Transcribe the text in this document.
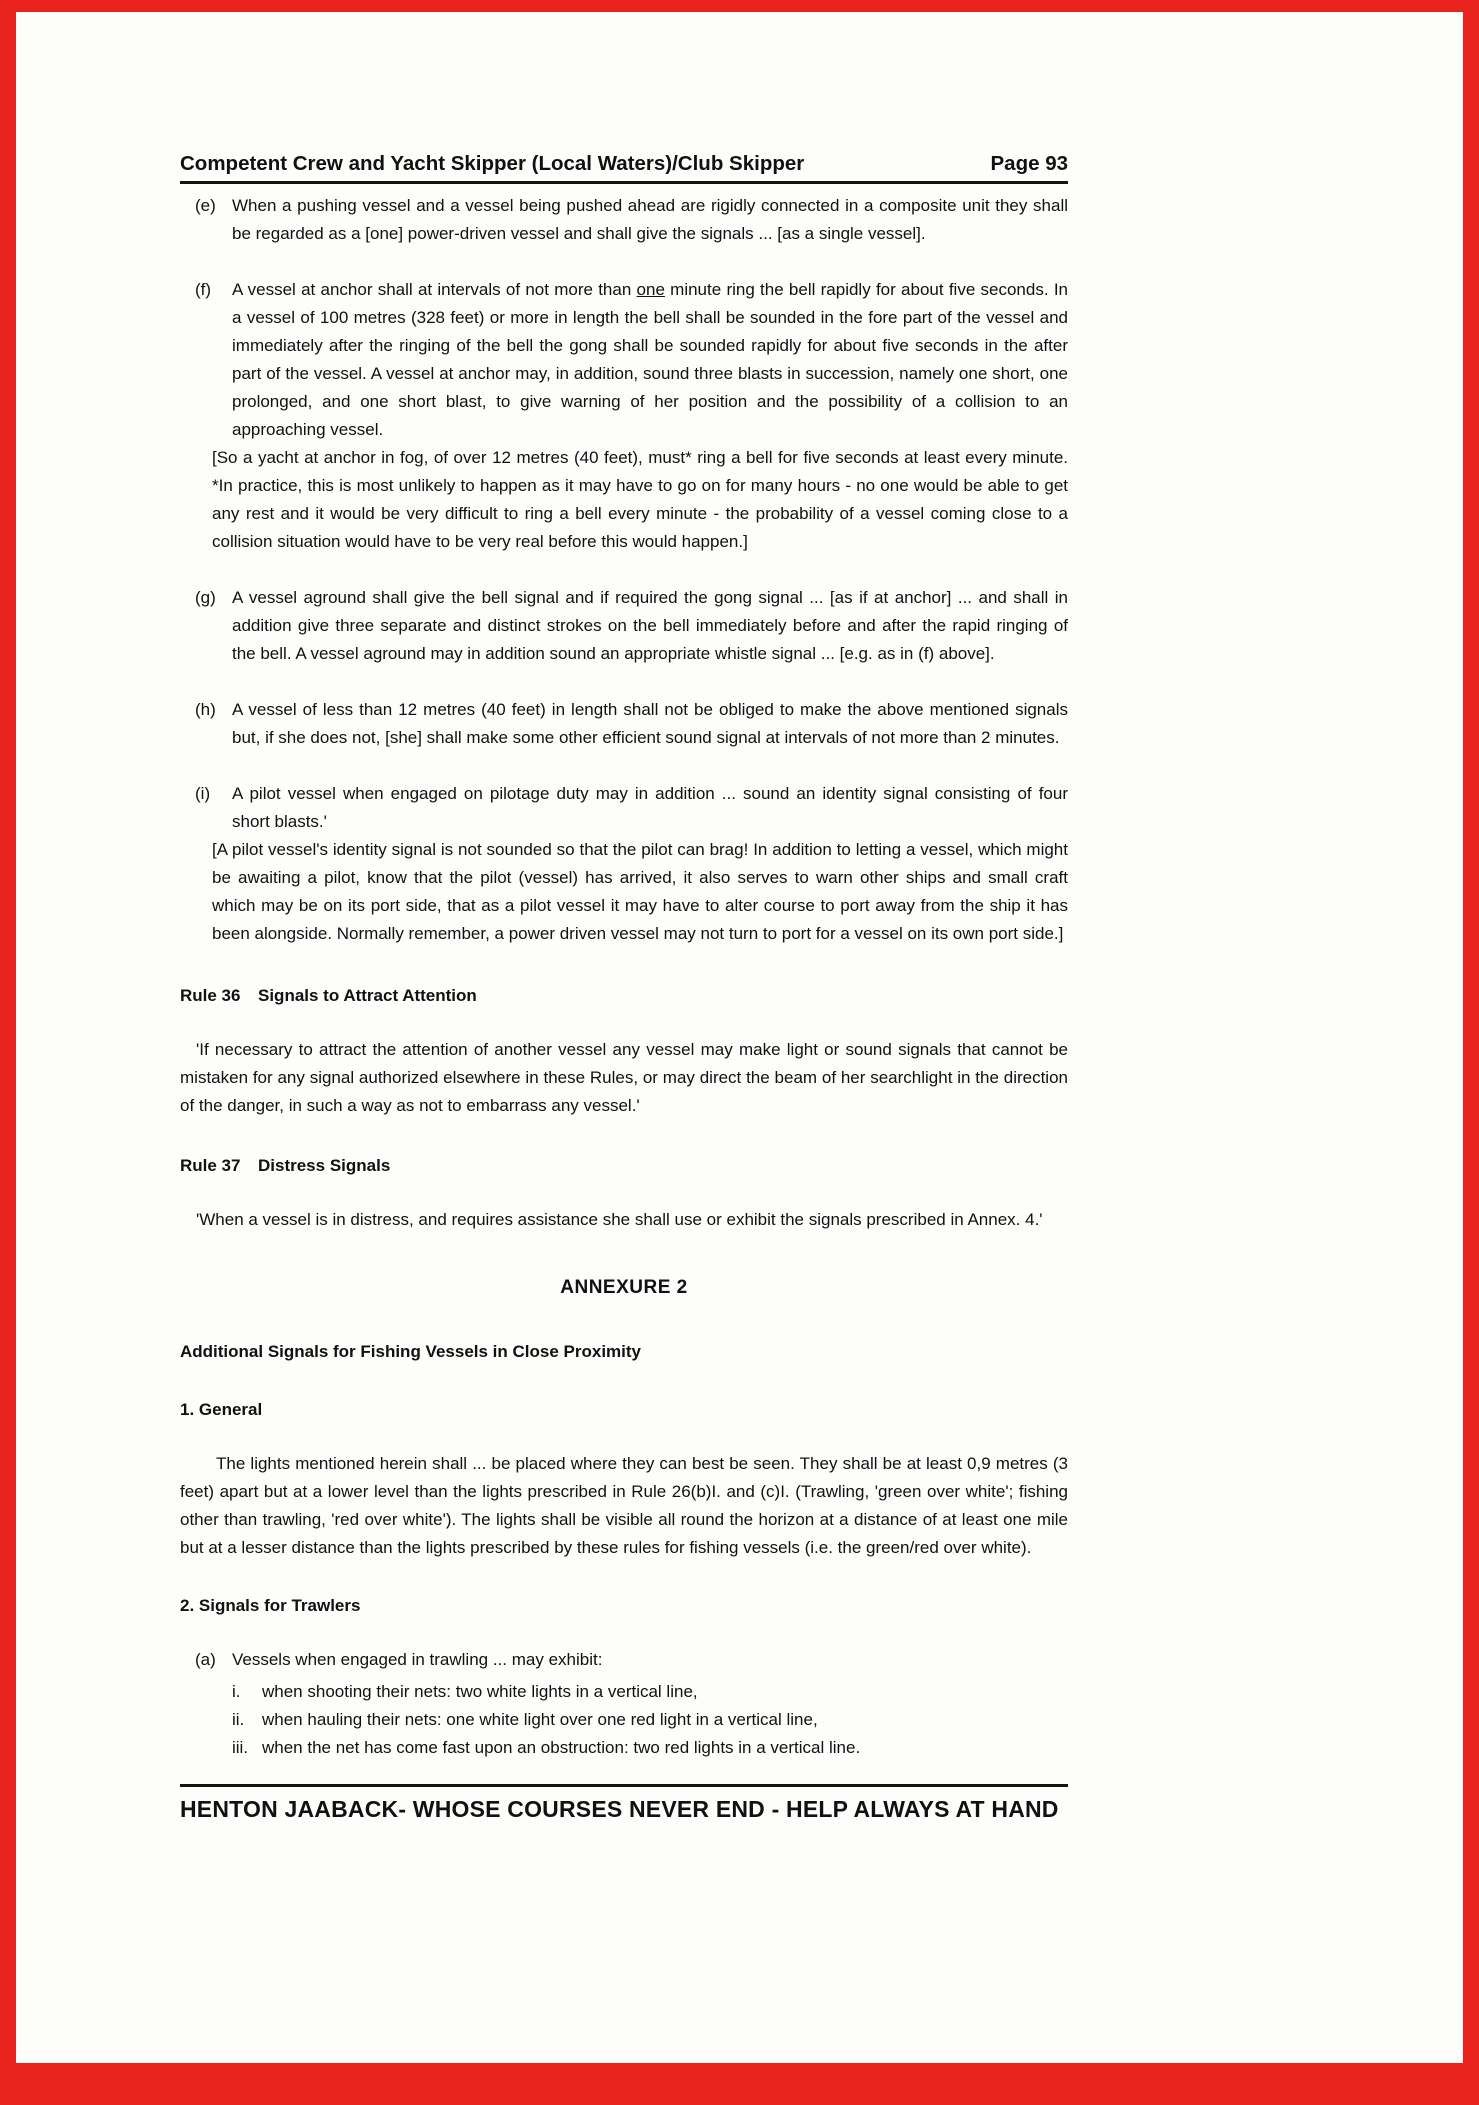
Competent Crew and Yacht Skipper (Local Waters)/Club Skipper	Page 93
(e) When a pushing vessel and a vessel being pushed ahead are rigidly connected in a composite unit they shall be regarded as a [one] power-driven vessel and shall give the signals ... [as a single vessel].
(f) A vessel at anchor shall at intervals of not more than one minute ring the bell rapidly for about five seconds. In a vessel of 100 metres (328 feet) or more in length the bell shall be sounded in the fore part of the vessel and immediately after the ringing of the bell the gong shall be sounded rapidly for about five seconds in the after part of the vessel. A vessel at anchor may, in addition, sound three blasts in succession, namely one short, one prolonged, and one short blast, to give warning of her position and the possibility of a collision to an approaching vessel.
[So a yacht at anchor in fog, of over 12 metres (40 feet), must* ring a bell for five seconds at least every minute. *In practice, this is most unlikely to happen as it may have to go on for many hours - no one would be able to get any rest and it would be very difficult to ring a bell every minute - the probability of a vessel coming close to a collision situation would have to be very real before this would happen.]
(g) A vessel aground shall give the bell signal and if required the gong signal ... [as if at anchor] ... and shall in addition give three separate and distinct strokes on the bell immediately before and after the rapid ringing of the bell. A vessel aground may in addition sound an appropriate whistle signal ... [e.g. as in (f) above].
(h) A vessel of less than 12 metres (40 feet) in length shall not be obliged to make the above mentioned signals but, if she does not, [she] shall make some other efficient sound signal at intervals of not more than 2 minutes.
(i) A pilot vessel when engaged on pilotage duty may in addition ... sound an identity signal consisting of four short blasts.'
[A pilot vessel's identity signal is not sounded so that the pilot can brag! In addition to letting a vessel, which might be awaiting a pilot, know that the pilot (vessel) has arrived, it also serves to warn other ships and small craft which may be on its port side, that as a pilot vessel it may have to alter course to port away from the ship it has been alongside. Normally remember, a power driven vessel may not turn to port for a vessel on its own port side.]
Rule 36 Signals to Attract Attention
'If necessary to attract the attention of another vessel any vessel may make light or sound signals that cannot be mistaken for any signal authorized elsewhere in these Rules, or may direct the beam of her searchlight in the direction of the danger, in such a way as not to embarrass any vessel.'
Rule 37 Distress Signals
'When a vessel is in distress, and requires assistance she shall use or exhibit the signals prescribed in Annex. 4.'
ANNEXURE 2
Additional Signals for Fishing Vessels in Close Proximity
1. General
The lights mentioned herein shall ... be placed where they can best be seen. They shall be at least 0,9 metres (3 feet) apart but at a lower level than the lights prescribed in Rule 26(b)I. and (c)I. (Trawling, 'green over white'; fishing other than trawling, 'red over white'). The lights shall be visible all round the horizon at a distance of at least one mile but at a lesser distance than the lights prescribed by these rules for fishing vessels (i.e. the green/red over white).
2. Signals for Trawlers
(a) Vessels when engaged in trawling ... may exhibit:
i. when shooting their nets: two white lights in a vertical line,
ii. when hauling their nets: one white light over one red light in a vertical line,
iii. when the net has come fast upon an obstruction: two red lights in a vertical line.
HENTON JAABACK- WHOSE COURSES NEVER END - HELP ALWAYS AT HAND
